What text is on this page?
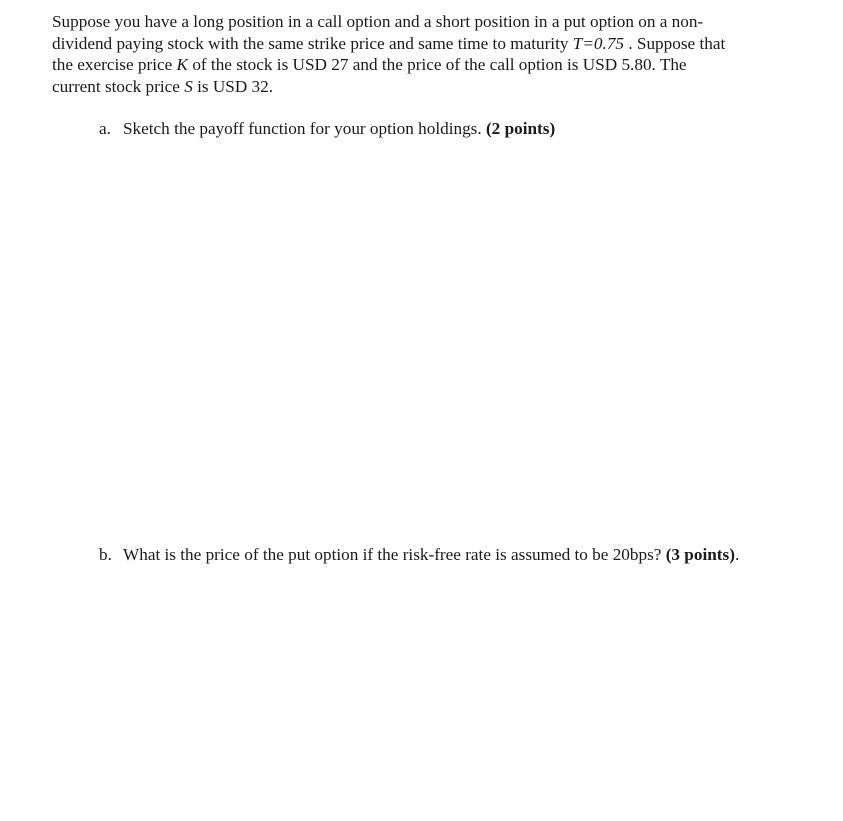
Suppose you have a long position in a call option and a short position in a put option on a non-
dividend paying stock with the same strike price and same time to maturity T=0.75 . Suppose that
the exercise price K of the stock is USD 27 and the price of the call option is USD 5.80. The
current stock price S is USD 32.
a. Sketch the payoff function for your option holdings. (2 points)
b. What is the price of the put option if the risk-free rate is assumed to be 20bps? (3 points).
